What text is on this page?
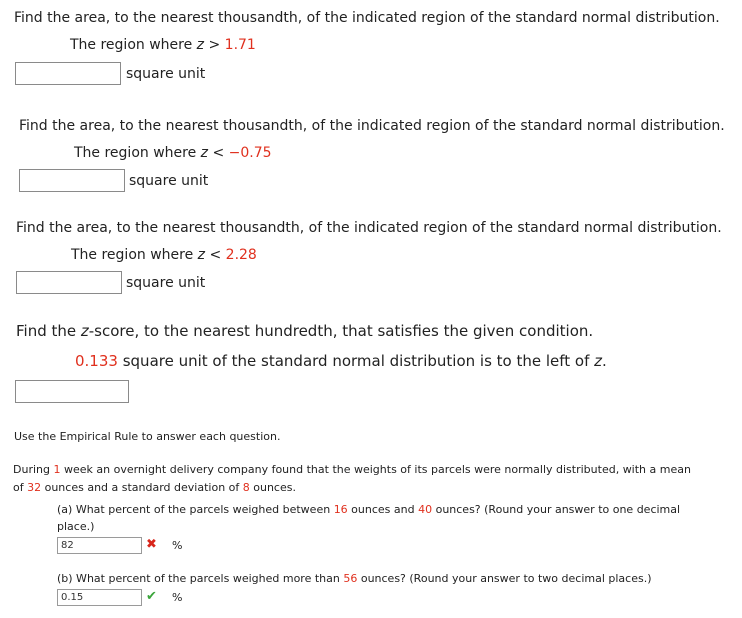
Find the area, to the nearest thousandth, of the indicated region of the standard normal distribution.
The region where z > 1.71
square unit
Find the area, to the nearest thousandth, of the indicated region of the standard normal distribution.
The region where z < −0.75
square unit
Find the area, to the nearest thousandth, of the indicated region of the standard normal distribution.
The region where z < 2.28
square unit
Find the z-score, to the nearest hundredth, that satisfies the given condition.
0.133 square unit of the standard normal distribution is to the left of z.
Use the Empirical Rule to answer each question.
During 1 week an overnight delivery company found that the weights of its parcels were normally distributed, with a mean
of 32 ounces and a standard deviation of 8 ounces.
(a) What percent of the parcels weighed between 16 ounces and 40 ounces? (Round your answer to one decimal
place.)
82	✖ %
(b) What percent of the parcels weighed more than 56 ounces? (Round your answer to two decimal places.)
0.15	✔ %
